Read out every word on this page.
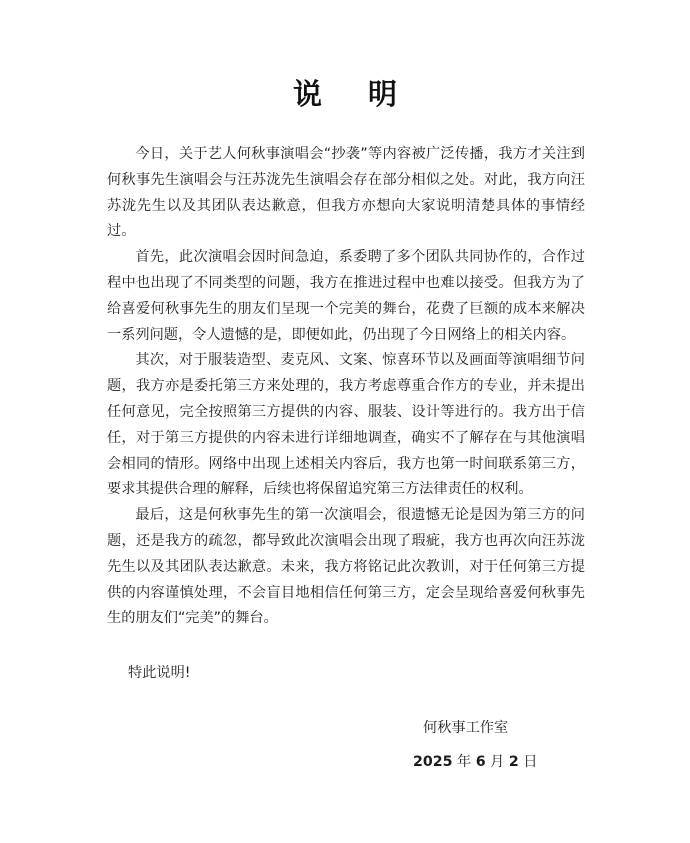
说 明

今日，关于艺人何秋事演唱会“抄袭”等内容被广泛传播，我方才关注到何秋事先生演唱会与汪苏泷先生演唱会存在部分相似之处。对此，我方向汪苏泷先生以及其团队表达歉意，但我方亦想向大家说明清楚具体的事情经过。

首先，此次演唱会因时间急迫，系委聘了多个团队共同协作的，合作过程中也出现了不同类型的问题，我方在推进过程中也难以接受。但我方为了给喜爱何秋事先生的朋友们呈现一个完美的舞台，花费了巨额的成本来解决一系列问题，令人遗憾的是，即便如此，仍出现了今日网络上的相关内容。

其次，对于服装造型、麦克风、文案、惊喜环节以及画面等演唱细节问题，我方亦是委托第三方来处理的，我方考虑尊重合作方的专业，并未提出任何意见，完全按照第三方提供的内容、服装、设计等进行的。我方出于信任，对于第三方提供的内容未进行详细地调查，确实不了解存在与其他演唱会相同的情形。网络中出现上述相关内容后，我方也第一时间联系第三方，要求其提供合理的解释，后续也将保留追究第三方法律责任的权利。

最后，这是何秋事先生的第一次演唱会，很遗憾无论是因为第三方的问题，还是我方的疏忽，都导致此次演唱会出现了瑕疵，我方也再次向汪苏泷先生以及其团队表达歉意。未来，我方将铭记此次教训，对于任何第三方提供的内容谨慎处理，不会盲目地相信任何第三方，定会呈现给喜爱何秋事先生的朋友们“完美”的舞台。

特此说明!
何秋事工作室
2025 年 6 月 2 日
